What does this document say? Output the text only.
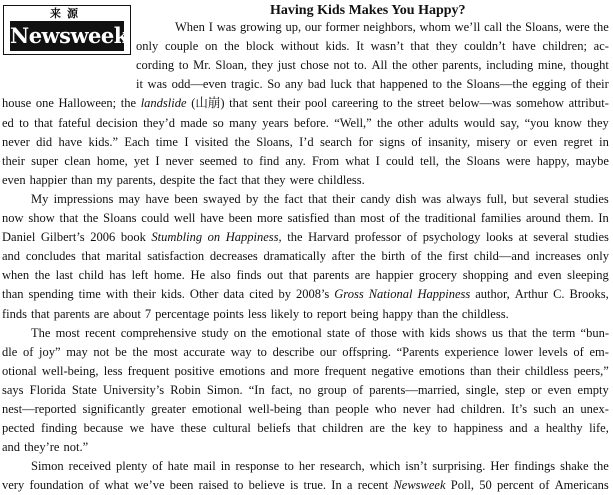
来源
Newsweek
Having Kids Makes You Happy?
When I was growing up, our former neighbors, whom we’ll call the Sloans, were the
only couple on the block without kids. It wasn’t that they couldn’t have children; ac-
cording to Mr. Sloan, they just chose not to. All the other parents, including mine, thought
it was odd—even tragic. So any bad luck that happened to the Sloans—the egging of their
house one Halloween; the landslide (山崩) that sent their pool careering to the street below—was somehow attribut-
ed to that fateful decision they’d made so many years before. “Well,” the other adults would say, “you know they
never did have kids.” Each time I visited the Sloans, I’d search for signs of insanity, misery or even regret in
their super clean home, yet I never seemed to find any. From what I could tell, the Sloans were happy, maybe
even happier than my parents, despite the fact that they were childless.
My impressions may have been swayed by the fact that their candy dish was always full, but several studies
now show that the Sloans could well have been more satisfied than most of the traditional families around them. In
Daniel Gilbert’s 2006 book Stumbling on Happiness, the Harvard professor of psychology looks at several studies
and concludes that marital satisfaction decreases dramatically after the birth of the first child—and increases only
when the last child has left home. He also finds out that parents are happier grocery shopping and even sleeping
than spending time with their kids. Other data cited by 2008’s Gross National Happiness author, Arthur C. Brooks,
finds that parents are about 7 percentage points less likely to report being happy than the childless.
The most recent comprehensive study on the emotional state of those with kids shows us that the term “bun-
dle of joy” may not be the most accurate way to describe our offspring. “Parents experience lower levels of em-
otional well-being, less frequent positive emotions and more frequent negative emotions than their childless peers,”
says Florida State University’s Robin Simon. “In fact, no group of parents—married, single, step or even empty
nest—reported significantly greater emotional well-being than people who never had children. It’s such an unex-
pected finding because we have these cultural beliefs that children are the key to happiness and a healthy life,
and they’re not.”
Simon received plenty of hate mail in response to her research, which isn’t surprising. Her findings shake the
very foundation of what we’ve been raised to believe is true. In a recent Newsweek Poll, 50 percent of Americans
